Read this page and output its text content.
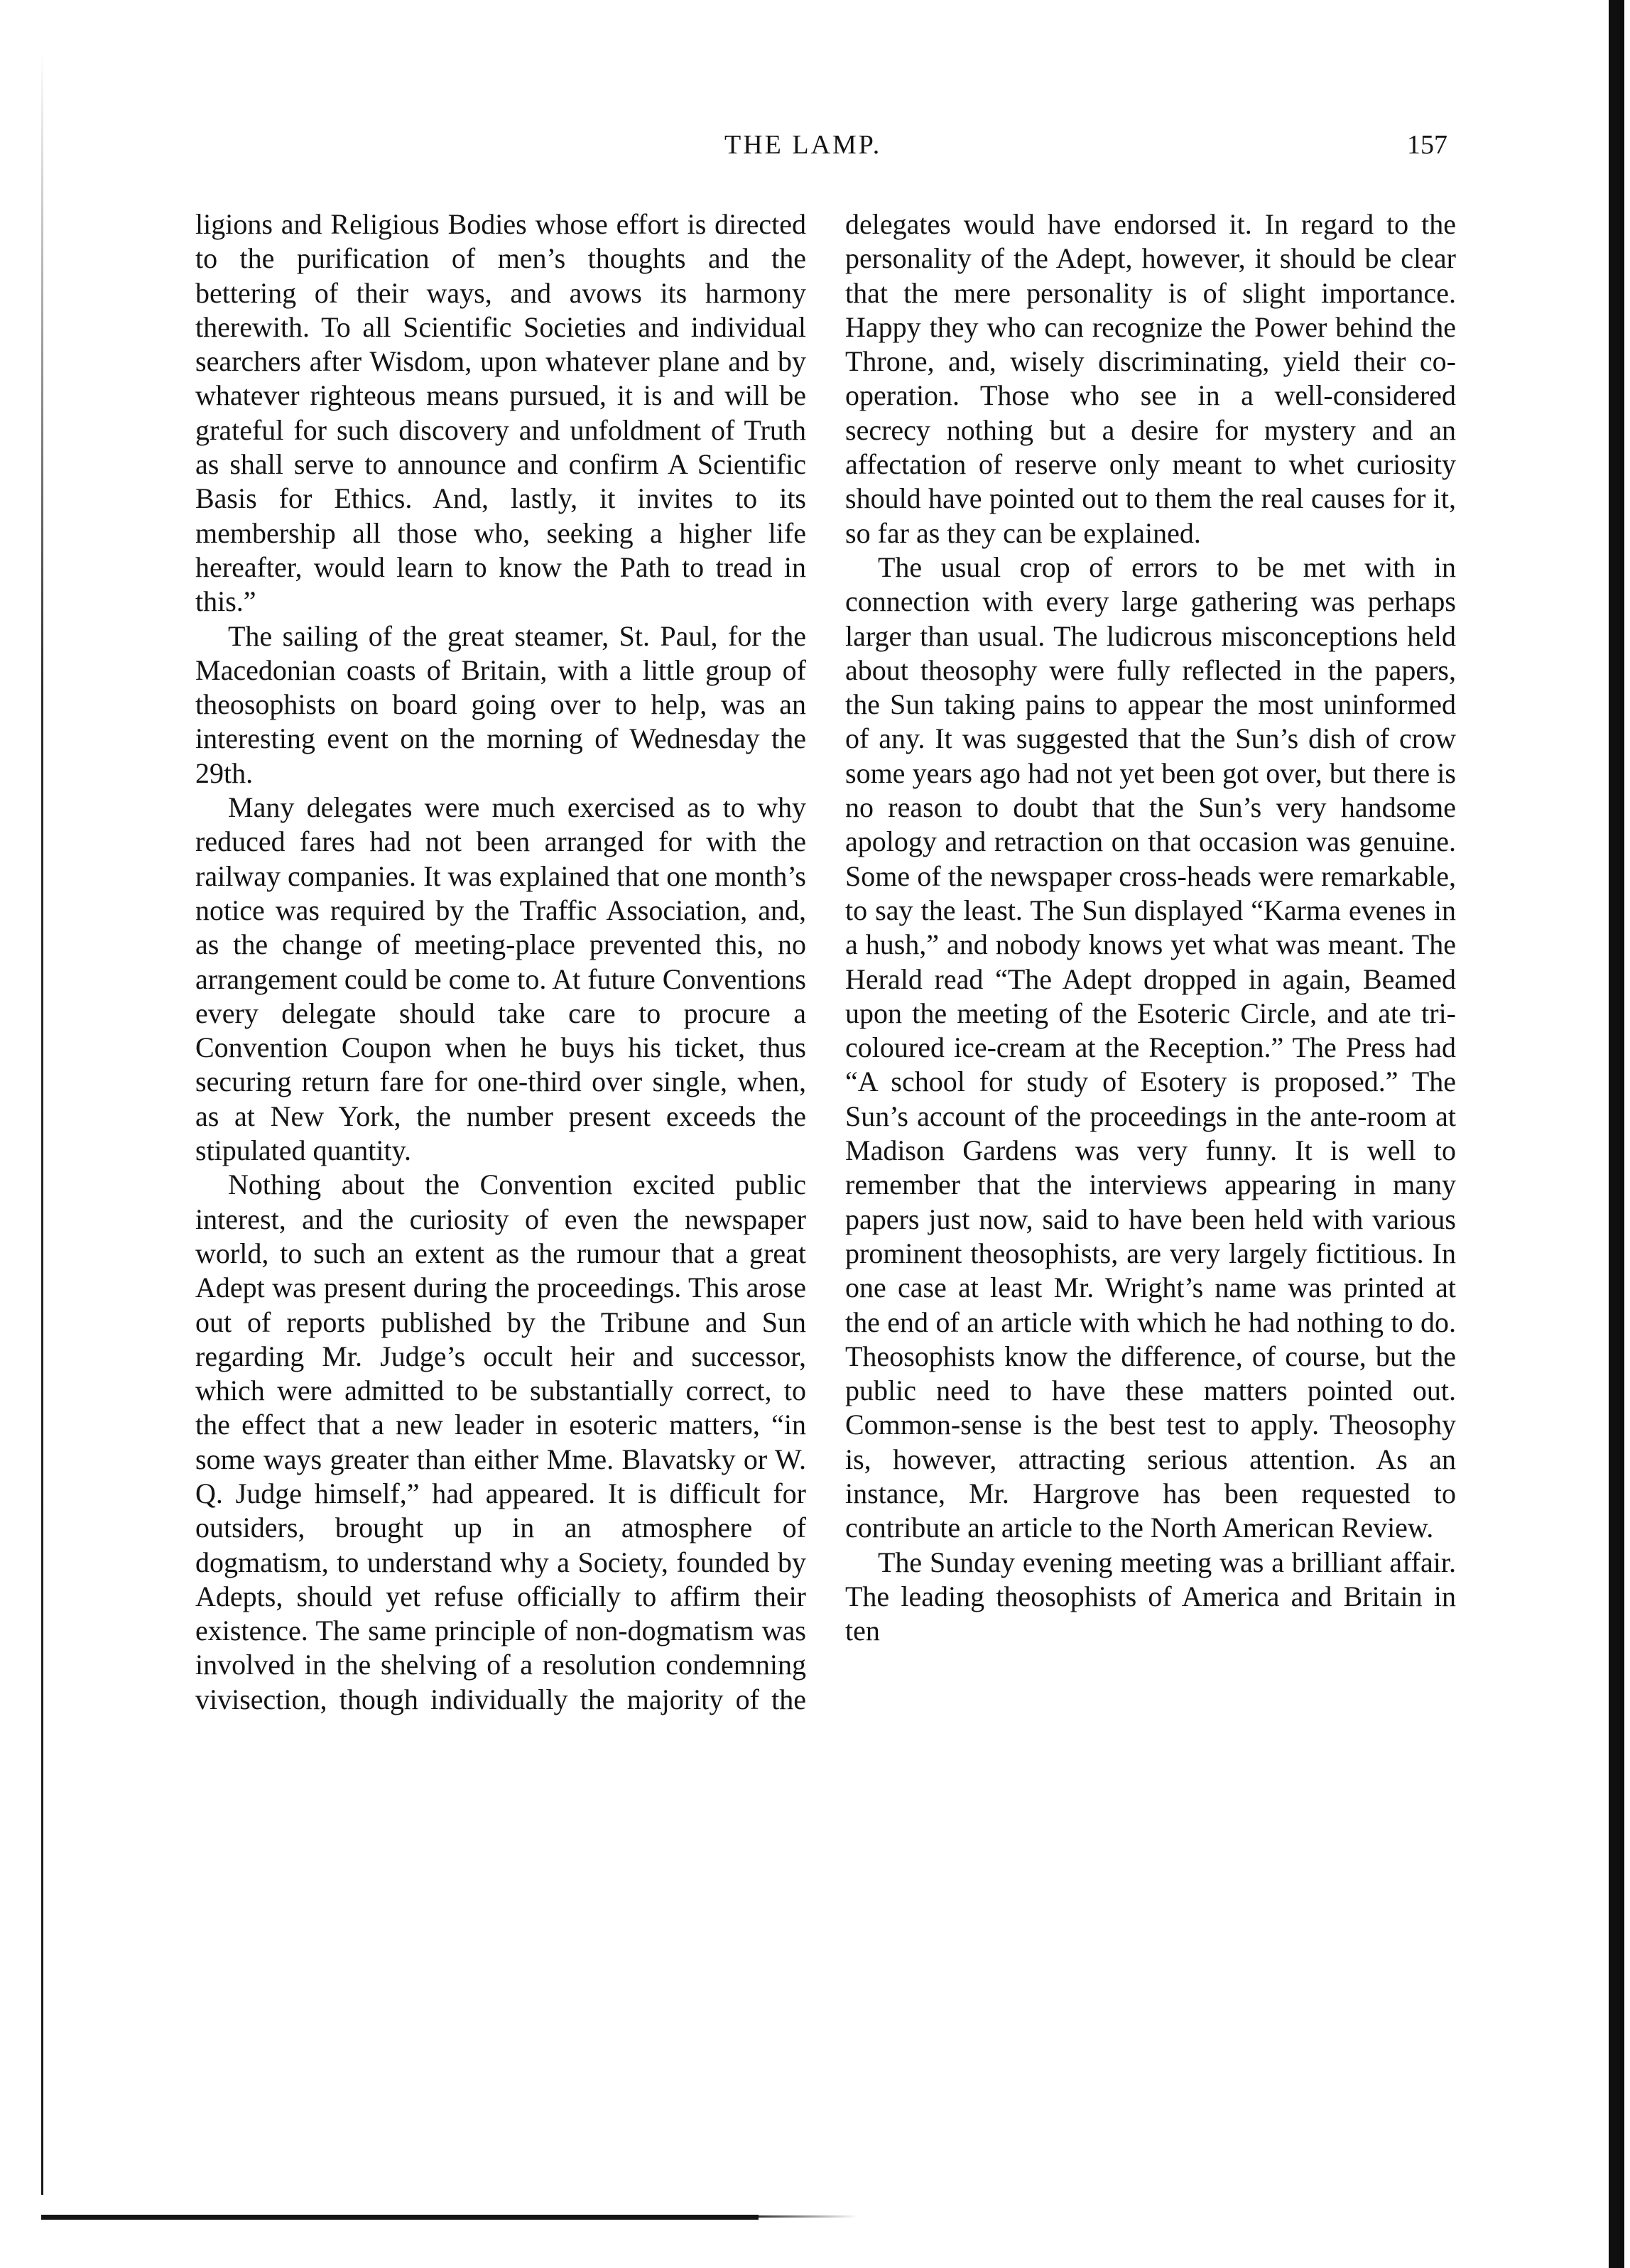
THE LAMP.	157

ligions and Religious Bodies whose effort is directed to the purification of men’s thoughts and the bettering of their ways, and avows its harmony therewith. To all Scientific Societies and individual searchers after Wisdom, upon whatever plane and by whatever righteous means pursued, it is and will be grateful for such discovery and unfoldment of Truth as shall serve to announce and confirm A Scientific Basis for Ethics. And, lastly, it invites to its membership all those who, seeking a higher life hereafter, would learn to know the Path to tread in this.”

The sailing of the great steamer, St. Paul, for the Macedonian coasts of Britain, with a little group of theosophists on board going over to help, was an interesting event on the morning of Wednesday the 29th.

Many delegates were much exercised as to why reduced fares had not been arranged for with the railway companies. It was explained that one month’s notice was required by the Traffic Association, and, as the change of meeting-place prevented this, no arrangement could be come to. At future Conventions every delegate should take care to procure a Convention Coupon when he buys his ticket, thus securing return fare for one-third over single, when, as at New York, the number present exceeds the stipulated quantity.

Nothing about the Convention excited public interest, and the curiosity of even the newspaper world, to such an extent as the rumour that a great Adept was present during the proceedings. This arose out of reports published by the Tribune and Sun regarding Mr. Judge’s occult heir and successor, which were admitted to be substantially correct, to the effect that a new leader in esoteric matters, “in some ways greater than either Mme. Blavatsky or W. Q. Judge himself,” had appeared. It is difficult for outsiders, brought up in an atmosphere of dogmatism, to understand why a Society, founded by Adepts, should yet refuse officially to affirm their existence. The same principle of non-dogmatism was involved in the shelving of a resolution condemning vivisection, though individually the majority of the

delegates would have endorsed it. In regard to the personality of the Adept, however, it should be clear that the mere personality is of slight importance. Happy they who can recognize the Power behind the Throne, and, wisely discriminating, yield their co-operation. Those who see in a well-considered secrecy nothing but a desire for mystery and an affectation of reserve only meant to whet curiosity should have pointed out to them the real causes for it, so far as they can be explained.

The usual crop of errors to be met with in connection with every large gathering was perhaps larger than usual. The ludicrous misconceptions held about theosophy were fully reflected in the papers, the Sun taking pains to appear the most uninformed of any. It was suggested that the Sun’s dish of crow some years ago had not yet been got over, but there is no reason to doubt that the Sun’s very handsome apology and retraction on that occasion was genuine. Some of the newspaper cross-heads were remarkable, to say the least. The Sun displayed “Karma evenes in a hush,” and nobody knows yet what was meant. The Herald read “The Adept dropped in again, Beamed upon the meeting of the Esoteric Circle, and ate tri-coloured ice-cream at the Reception.” The Press had “A school for study of Esotery is proposed.” The Sun’s account of the proceedings in the ante-room at Madison Gardens was very funny. It is well to remember that the interviews appearing in many papers just now, said to have been held with various prominent theosophists, are very largely fictitious. In one case at least Mr. Wright’s name was printed at the end of an article with which he had nothing to do. Theosophists know the difference, of course, but the public need to have these matters pointed out. Common-sense is the best test to apply. Theosophy is, however, attracting serious attention. As an instance, Mr. Hargrove has been requested to contribute an article to the North American Review.

The Sunday evening meeting was a brilliant affair. The leading theosophists of America and Britain in ten
